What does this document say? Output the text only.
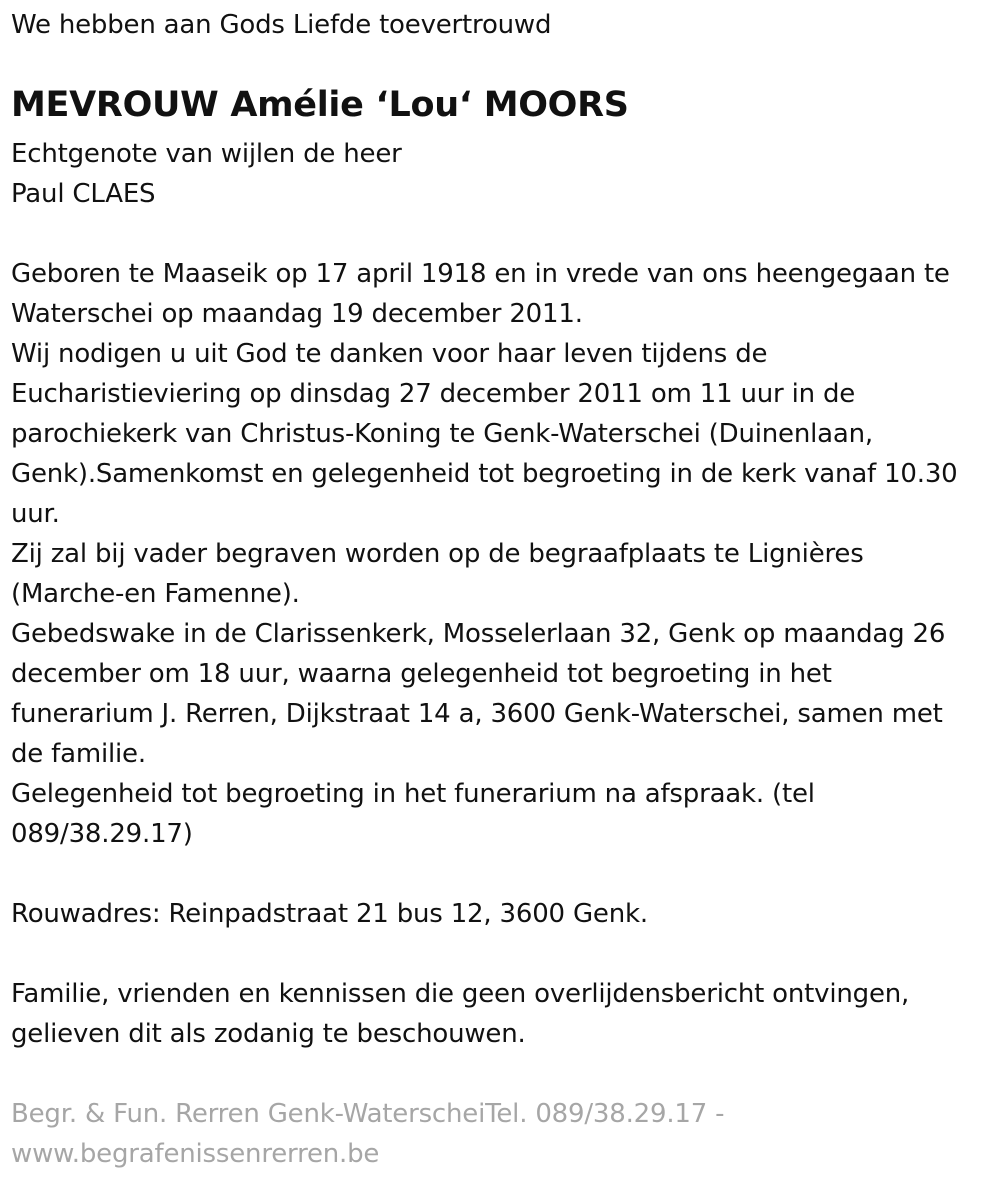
We hebben aan Gods Liefde toevertrouwd
MEVROUW Amélie ‘Lou‘ MOORS
Echtgenote van wijlen de heer
Paul CLAES
Geboren te Maaseik op 17 april 1918 en in vrede van ons heengegaan te
Waterschei op maandag 19 december 2011.
Wij nodigen u uit God te danken voor haar leven tijdens de
Eucharistieviering op dinsdag 27 december 2011 om 11 uur in de
parochiekerk van Christus-Koning te Genk-Waterschei (Duinenlaan,
Genk).Samenkomst en gelegenheid tot begroeting in de kerk vanaf 10.30
uur.
Zij zal bij vader begraven worden op de begraafplaats te Lignières
(Marche-en Famenne).
Gebedswake in de Clarissenkerk, Mosselerlaan 32, Genk op maandag 26
december om 18 uur, waarna gelegenheid tot begroeting in het
funerarium J. Rerren, Dijkstraat 14 a, 3600 Genk-Waterschei, samen met
de familie.
Gelegenheid tot begroeting in het funerarium na afspraak. (tel
089/38.29.17)
Rouwadres: Reinpadstraat 21 bus 12, 3600 Genk.
Familie, vrienden en kennissen die geen overlijdensbericht ontvingen,
gelieven dit als zodanig te beschouwen.
Begr. & Fun. Rerren Genk-WaterscheiTel. 089/38.29.17 -
www.begrafenissenrerren.be
